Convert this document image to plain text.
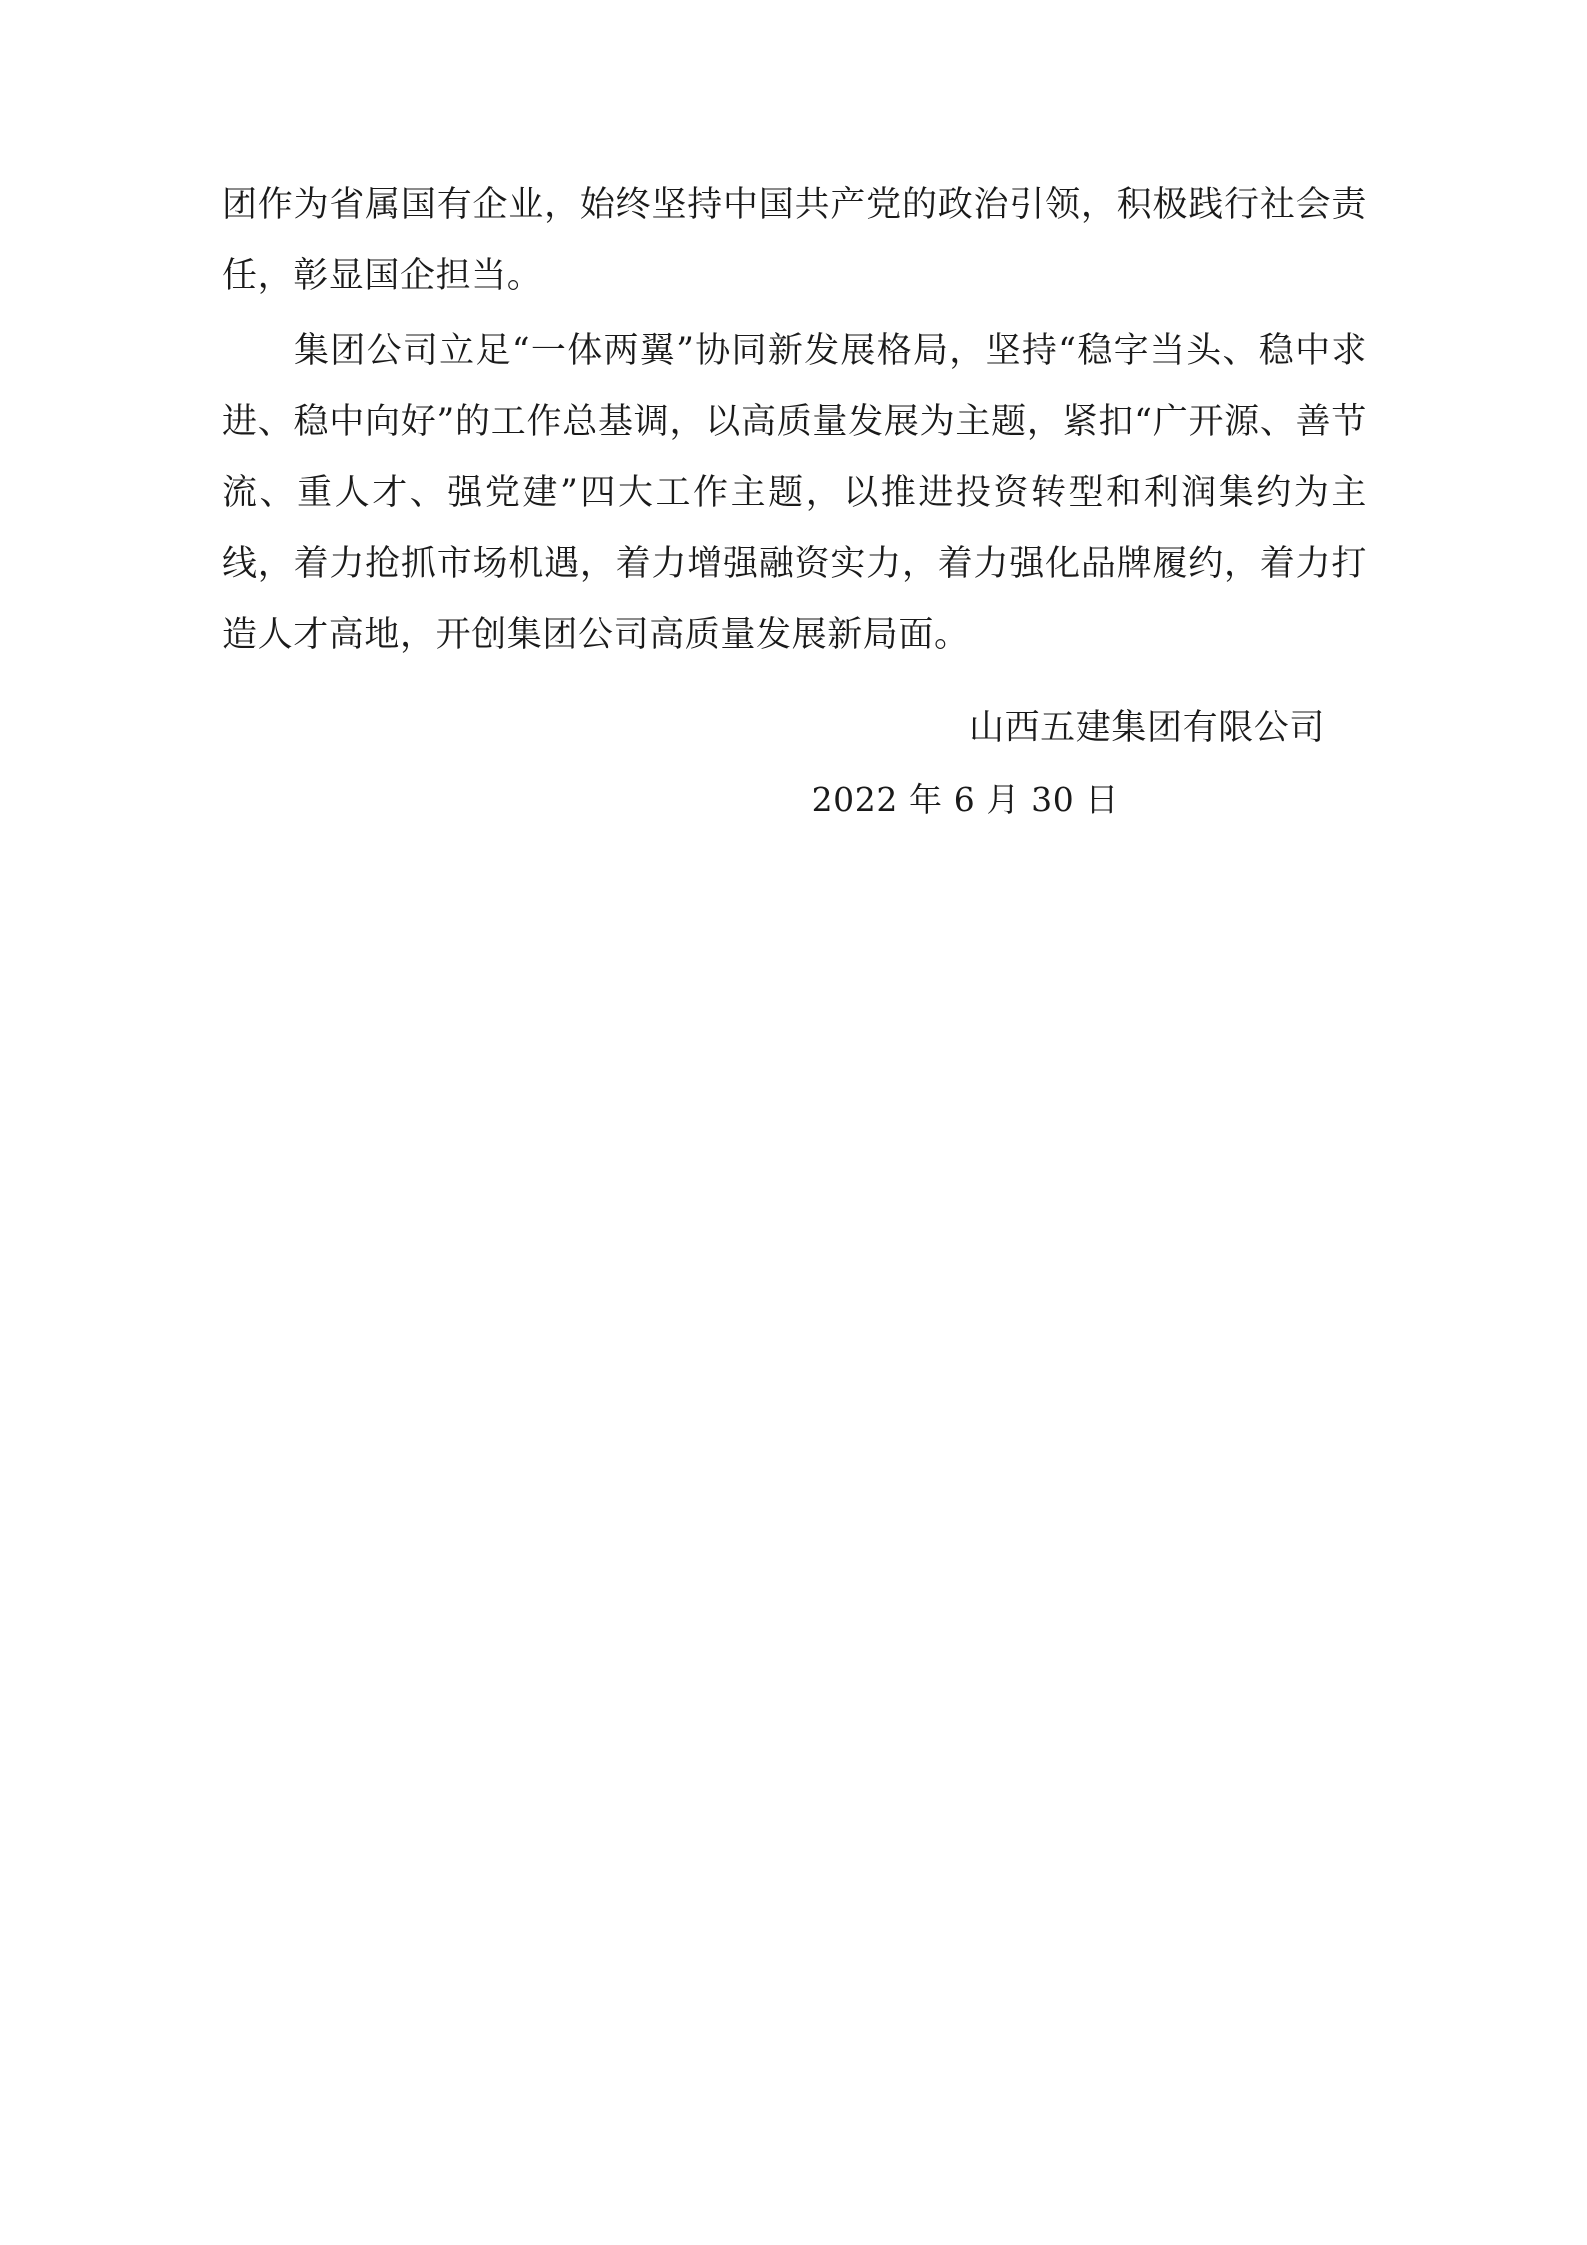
团作为省属国有企业，始终坚持中国共产党的政治引领，积极践行社会责任，彰显国企担当。

集团公司立足“一体两翼”协同新发展格局，坚持“稳字当头、稳中求进、稳中向好”的工作总基调，以高质量发展为主题，紧扣“广开源、善节流、重人才、强党建”四大工作主题，以推进投资转型和利润集约为主线，着力抢抓市场机遇，着力增强融资实力，着力强化品牌履约，着力打造人才高地，开创集团公司高质量发展新局面。

山西五建集团有限公司
2022 年 6 月 30 日
